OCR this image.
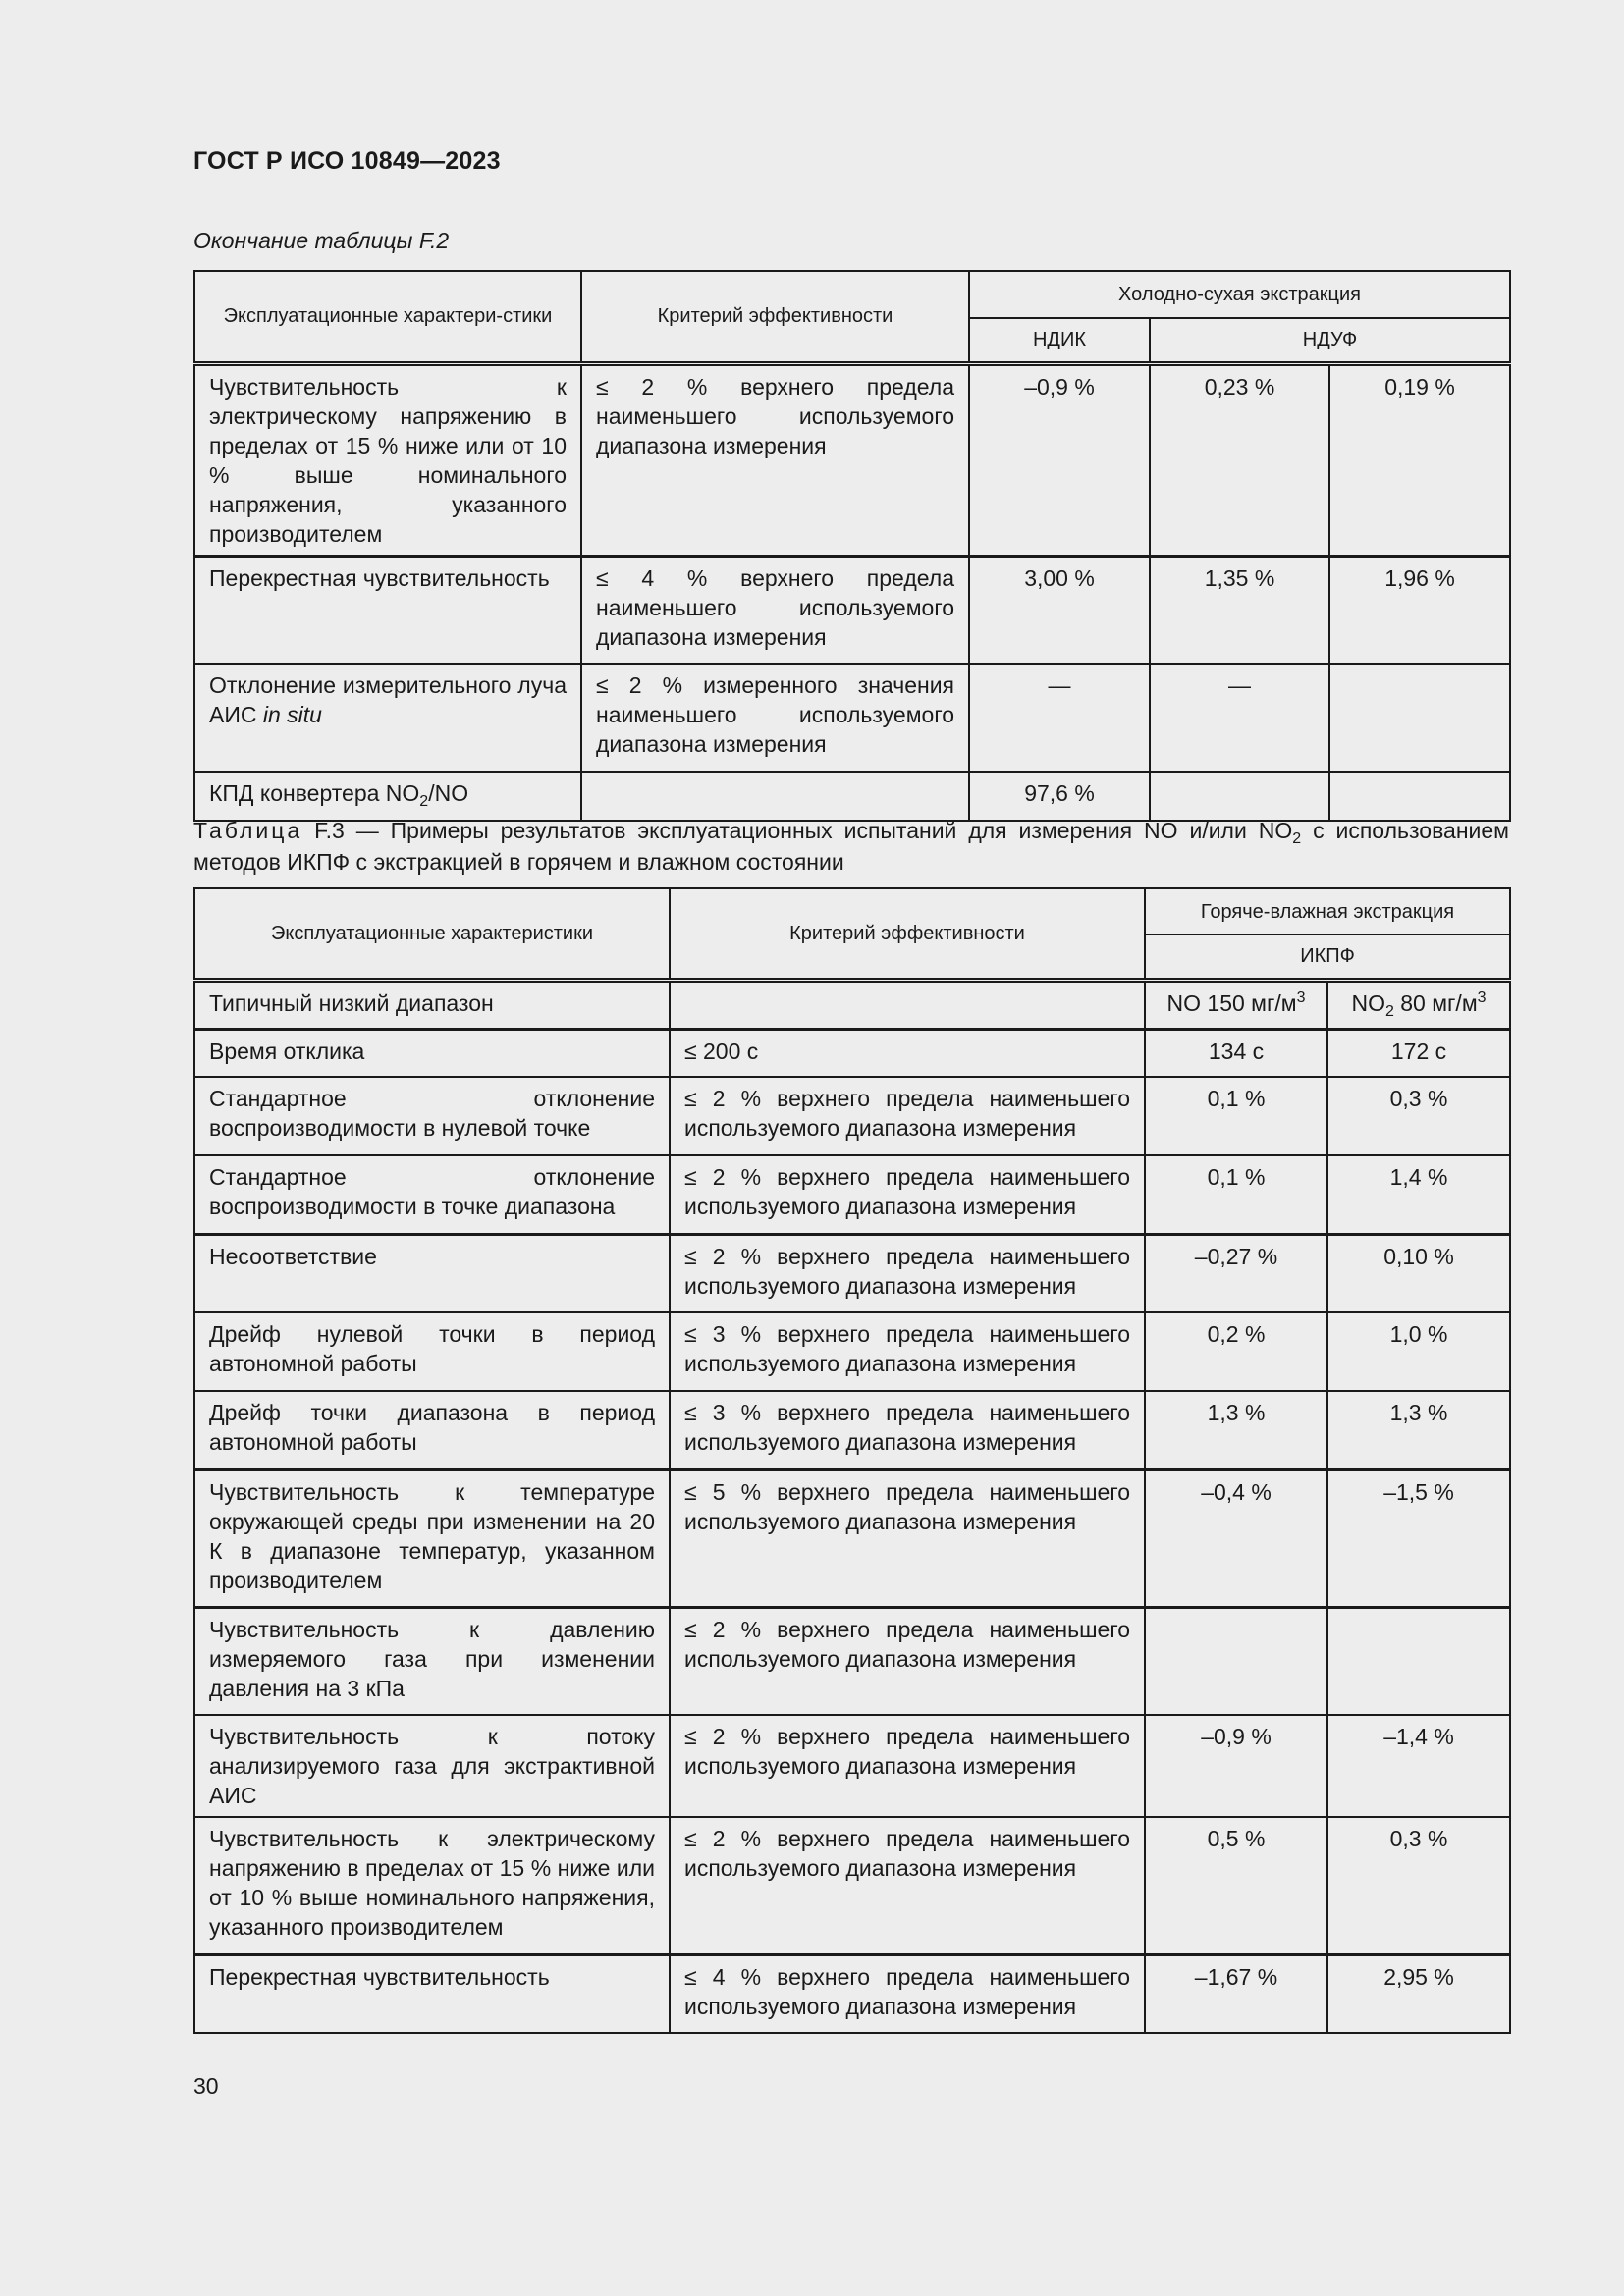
ГОСТ Р ИСО 10849—2023
Окончание таблицы F.2
Эксплуатационные характери-стики	Критерий эффективности	Холодно-сухая экстракция		
		НДИК	НДУФ	
Чувствительность к электрическому напряжению в пределах от 15 % ниже или от 10 % выше номинального напряжения, указанного производителем	≤ 2 % верхнего предела наименьшего используемого диапазона измерения	–0,9 %	0,23 %	0,19 %
Перекрестная чувствительность	≤ 4 % верхнего предела наименьшего используемого диапазона измерения	3,00 %	1,35 %	1,96 %
Отклонение измерительного луча АИС in situ	≤ 2 % измеренного значения наименьшего используемого диапазона измерения	—	—	
КПД конвертера $NO_2/NO$		97,6 %		
Таблица F.3 — Примеры результатов эксплуатационных испытаний для измерения NO и/или $NO_2$ с использованием методов ИКПФ с экстракцией в горячем и влажном состоянии
Эксплуатационные характеристики	Критерий эффективности	Горяче-влажная экстракция	
		ИКПФ	
Типичный низкий диапазон		NO 150 $мг/м^3$	$NO_2$ 80 $мг/м^3$
Время отклика	≤ 200 с	134 с	172 с
Стандартное отклонение воспроизводимости в нулевой точке	≤ 2 % верхнего предела наименьшего используемого диапазона измерения	0,1 %	0,3 %
Стандартное отклонение воспроизводимости в точке диапазона	≤ 2 % верхнего предела наименьшего используемого диапазона измерения	0,1 %	1,4 %
Несоответствие	≤ 2 % верхнего предела наименьшего используемого диапазона измерения	–0,27 %	0,10 %
Дрейф нулевой точки в период автономной работы	≤ 3 % верхнего предела наименьшего используемого диапазона измерения	0,2 %	1,0 %
Дрейф точки диапазона в период автономной работы	≤ 3 % верхнего предела наименьшего используемого диапазона измерения	1,3 %	1,3 %
Чувствительность к температуре окружающей среды при изменении на 20 К в диапазоне температур, указанном производителем	≤ 5 % верхнего предела наименьшего используемого диапазона измерения	–0,4 %	–1,5 %
Чувствительность к давлению измеряемого газа при изменении давления на 3 кПа	≤ 2 % верхнего предела наименьшего используемого диапазона измерения		
Чувствительность к потоку анализируемого газа для экстрактивной АИС	≤ 2 % верхнего предела наименьшего используемого диапазона измерения	–0,9 %	–1,4 %
Чувствительность к электрическому напряжению в пределах от 15 % ниже или от 10 % выше номинального напряжения, указанного производителем	≤ 2 % верхнего предела наименьшего используемого диапазона измерения	0,5 %	0,3 %
Перекрестная чувствительность	≤ 4 % верхнего предела наименьшего используемого диапазона измерения	–1,67 %	2,95 %
30
